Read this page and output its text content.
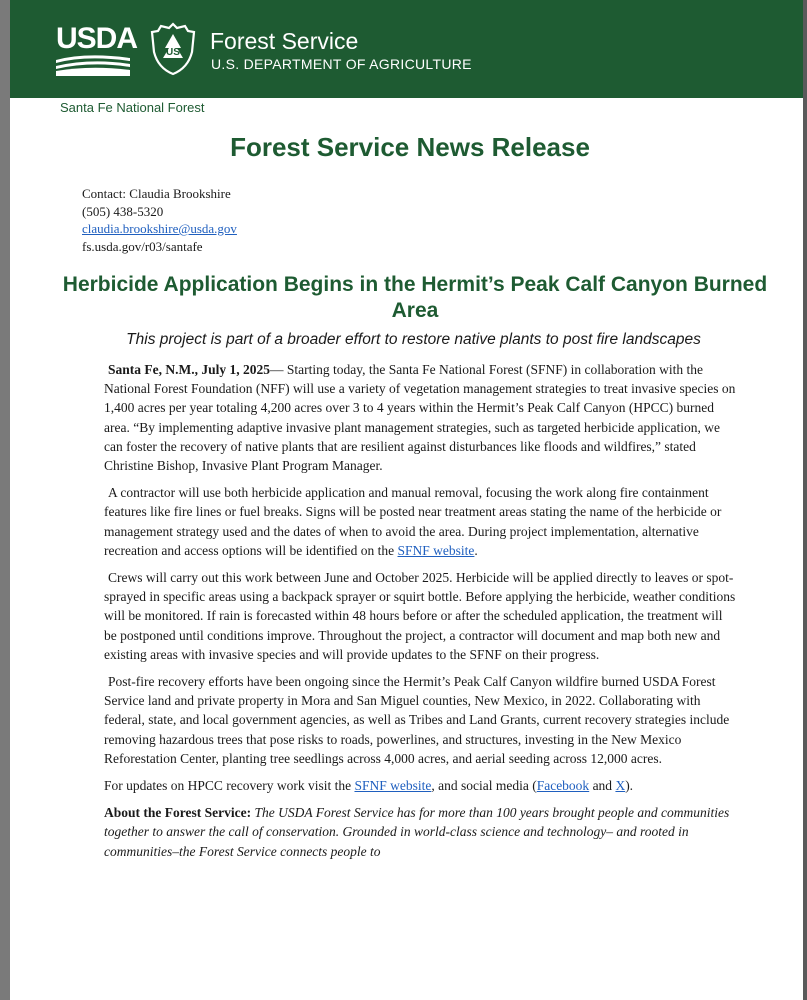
USDA	US Forest Service
U.S. DEPARTMENT OF AGRICULTURE
Santa Fe National Forest
Forest Service News Release
Contact: Claudia Brookshire
(505) 438-5320
claudia.brookshire@usda.gov
fs.usda.gov/r03/santafe
Herbicide Application Begins in the Hermit’s Peak Calf Canyon Burned Area
This project is part of a broader effort to restore native plants to post fire landscapes

Santa Fe, N.M., July 1, 2025— Starting today, the Santa Fe National Forest (SFNF) in collaboration with the National Forest Foundation (NFF) will use a variety of vegetation management strategies to treat invasive species on 1,400 acres per year totaling 4,200 acres over 3 to 4 years within the Hermit’s Peak Calf Canyon (HPCC) burned area. “By implementing adaptive invasive plant management strategies, such as targeted herbicide application, we can foster the recovery of native plants that are resilient against disturbances like floods and wildfires,” stated Christine Bishop, Invasive Plant Program Manager.

A contractor will use both herbicide application and manual removal, focusing the work along fire containment features like fire lines or fuel breaks. Signs will be posted near treatment areas stating the name of the herbicide or management strategy used and the dates of when to avoid the area. During project implementation, alternative recreation and access options will be identified on the SFNF website.

Crews will carry out this work between June and October 2025. Herbicide will be applied directly to leaves or spot-sprayed in specific areas using a backpack sprayer or squirt bottle. Before applying the herbicide, weather conditions will be monitored. If rain is forecasted within 48 hours before or after the scheduled application, the treatment will be postponed until conditions improve. Throughout the project, a contractor will document and map both new and existing areas with invasive species and will provide updates to the SFNF on their progress.

Post-fire recovery efforts have been ongoing since the Hermit’s Peak Calf Canyon wildfire burned USDA Forest Service land and private property in Mora and San Miguel counties, New Mexico, in 2022. Collaborating with federal, state, and local government agencies, as well as Tribes and Land Grants, current recovery strategies include removing hazardous trees that pose risks to roads, powerlines, and structures, investing in the New Mexico Reforestation Center, planting tree seedlings across 4,000 acres, and aerial seeding across 12,000 acres.

For updates on HPCC recovery work visit the SFNF website, and social media (Facebook and X).

About the Forest Service: The USDA Forest Service has for more than 100 years brought people and communities together to answer the call of conservation. Grounded in world-class science and technology– and rooted in communities–the Forest Service connects people to
